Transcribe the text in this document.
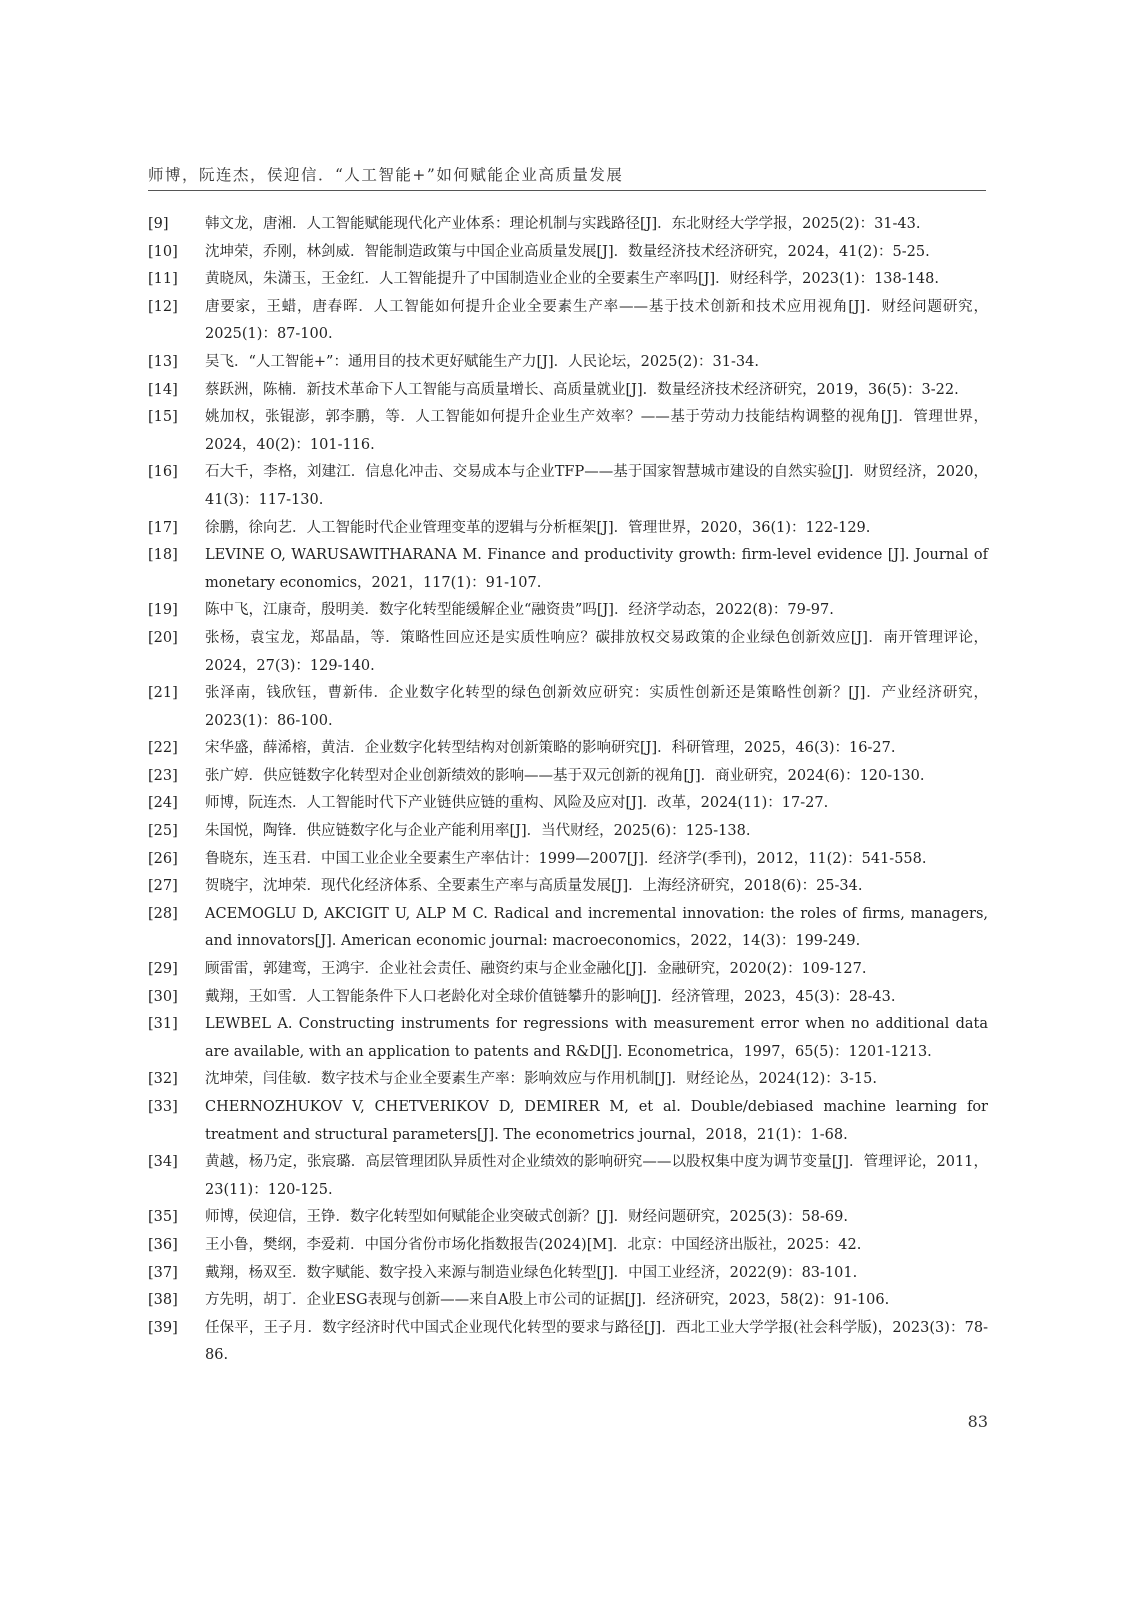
师博，阮连杰，侯迎信．“人工智能+”如何赋能企业高质量发展
[9]	韩文龙，唐湘．人工智能赋能现代化产业体系：理论机制与实践路径[J]．东北财经大学学报，2025(2)：31-43.
[10]	沈坤荣，乔刚，林剑威．智能制造政策与中国企业高质量发展[J]．数量经济技术经济研究，2024，41(2)：5-25.
[11]	黄晓凤，朱潇玉，王金红．人工智能提升了中国制造业企业的全要素生产率吗[J]．财经科学，2023(1)：138-148.
[12]	唐要家，王蜡，唐春晖．人工智能如何提升企业全要素生产率——基于技术创新和技术应用视角[J]．财经问题研究，2025(1)：87-100.
[13]	吴飞．“人工智能+”：通用目的技术更好赋能生产力[J]．人民论坛，2025(2)：31-34.
[14]	蔡跃洲，陈楠．新技术革命下人工智能与高质量增长、高质量就业[J]．数量经济技术经济研究，2019，36(5)：3-22.
[15]	姚加权，张锟澎，郭李鹏，等．人工智能如何提升企业生产效率？——基于劳动力技能结构调整的视角[J]．管理世界，2024，40(2)：101-116.
[16]	石大千，李格，刘建江．信息化冲击、交易成本与企业TFP——基于国家智慧城市建设的自然实验[J]．财贸经济，2020，41(3)：117-130.
[17]	徐鹏，徐向艺．人工智能时代企业管理变革的逻辑与分析框架[J]．管理世界，2020，36(1)：122-129.
[18]	LEVINE O, WARUSAWITHARANA M. Finance and productivity growth: firm-level evidence [J]. Journal of monetary economics，2021，117(1)：91-107.
[19]	陈中飞，江康奇，殷明美．数字化转型能缓解企业“融资贵”吗[J]．经济学动态，2022(8)：79-97.
[20]	张杨，袁宝龙，郑晶晶，等．策略性回应还是实质性响应？碳排放权交易政策的企业绿色创新效应[J]．南开管理评论，2024，27(3)：129-140.
[21]	张泽南，钱欣钰，曹新伟．企业数字化转型的绿色创新效应研究：实质性创新还是策略性创新？[J]．产业经济研究，2023(1)：86-100.
[22]	宋华盛，薛浠榕，黄洁．企业数字化转型结构对创新策略的影响研究[J]．科研管理，2025，46(3)：16-27.
[23]	张广婷．供应链数字化转型对企业创新绩效的影响——基于双元创新的视角[J]．商业研究，2024(6)：120-130.
[24]	师博，阮连杰．人工智能时代下产业链供应链的重构、风险及应对[J]．改革，2024(11)：17-27.
[25]	朱国悦，陶锋．供应链数字化与企业产能利用率[J]．当代财经，2025(6)：125-138.
[26]	鲁晓东，连玉君．中国工业企业全要素生产率估计：1999—2007[J]．经济学(季刊)，2012，11(2)：541-558.
[27]	贺晓宇，沈坤荣．现代化经济体系、全要素生产率与高质量发展[J]．上海经济研究，2018(6)：25-34.
[28]	ACEMOGLU D, AKCIGIT U, ALP M C. Radical and incremental innovation: the roles of firms, managers, and innovators[J]. American economic journal: macroeconomics，2022，14(3)：199-249.
[29]	顾雷雷，郭建鸾，王鸿宇．企业社会责任、融资约束与企业金融化[J]．金融研究，2020(2)：109-127.
[30]	戴翔，王如雪．人工智能条件下人口老龄化对全球价值链攀升的影响[J]．经济管理，2023，45(3)：28-43.
[31]	LEWBEL A. Constructing instruments for regressions with measurement error when no additional data are available, with an application to patents and R&D[J]. Econometrica，1997，65(5)：1201-1213.
[32]	沈坤荣，闫佳敏．数字技术与企业全要素生产率：影响效应与作用机制[J]．财经论丛，2024(12)：3-15.
[33]	CHERNOZHUKOV V, CHETVERIKOV D, DEMIRER M, et al. Double/debiased machine learning for treatment and structural parameters[J]. The econometrics journal，2018，21(1)：1-68.
[34]	黄越，杨乃定，张宸璐．高层管理团队异质性对企业绩效的影响研究——以股权集中度为调节变量[J]．管理评论，2011，23(11)：120-125.
[35]	师博，侯迎信，王铮．数字化转型如何赋能企业突破式创新？[J]．财经问题研究，2025(3)：58-69.
[36]	王小鲁，樊纲，李爱莉．中国分省份市场化指数报告(2024)[M]．北京：中国经济出版社，2025：42.
[37]	戴翔，杨双至．数字赋能、数字投入来源与制造业绿色化转型[J]．中国工业经济，2022(9)：83-101.
[38]	方先明，胡丁．企业ESG表现与创新——来自A股上市公司的证据[J]．经济研究，2023，58(2)：91-106.
[39]	任保平，王子月．数字经济时代中国式企业现代化转型的要求与路径[J]．西北工业大学学报(社会科学版)，2023(3)：78-86.
83
